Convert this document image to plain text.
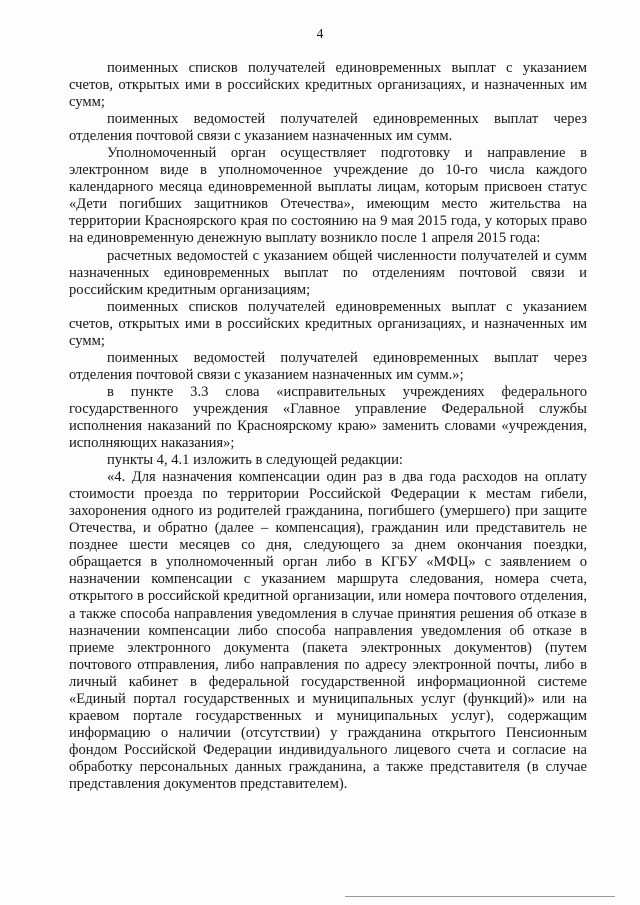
4

поименных списков получателей единовременных выплат с указанием счетов, открытых ими в российских кредитных организациях, и назначенных им сумм;

поименных ведомостей получателей единовременных выплат через отделения почтовой связи с указанием назначенных им сумм.

Уполномоченный орган осуществляет подготовку и направление в электронном виде в уполномоченное учреждение до 10-го числа каждого календарного месяца единовременной выплаты лицам, которым присвоен статус «Дети погибших защитников Отечества», имеющим место жительства на территории Красноярского края по состоянию на 9 мая 2015 года, у которых право на единовременную денежную выплату возникло после 1 апреля 2015 года:

расчетных ведомостей с указанием общей численности получателей и сумм назначенных единовременных выплат по отделениям почтовой связи и российским кредитным организациям;

поименных списков получателей единовременных выплат с указанием счетов, открытых ими в российских кредитных организациях, и назначенных им сумм;

поименных ведомостей получателей единовременных выплат через отделения почтовой связи с указанием назначенных им сумм.»;

в пункте 3.3 слова «исправительных учреждениях федерального государственного учреждения «Главное управление Федеральной службы исполнения наказаний по Красноярскому краю» заменить словами «учреждения, исполняющих наказания»;

пункты 4, 4.1 изложить в следующей редакции:

«4. Для назначения компенсации один раз в два года расходов на оплату стоимости проезда по территории Российской Федерации к местам гибели, захоронения одного из родителей гражданина, погибшего (умершего) при защите Отечества, и обратно (далее – компенсация), гражданин или представитель не позднее шести месяцев со дня, следующего за днем окончания поездки, обращается в уполномоченный орган либо в КГБУ «МФЦ» с заявлением о назначении компенсации с указанием маршрута следования, номера счета, открытого в российской кредитной организации, или номера почтового отделения, а также способа направления уведомления в случае принятия решения об отказе в назначении компенсации либо способа направления уведомления об отказе в приеме электронного документа (пакета электронных документов) (путем почтового отправления, либо направления по адресу электронной почты, либо в личный кабинет в федеральной государственной информационной системе «Единый портал государственных и муниципальных услуг (функций)» или на краевом портале государственных и муниципальных услуг), содержащим информацию о наличии (отсутствии) у гражданина открытого Пенсионным фондом Российской Федерации индивидуального лицевого счета и согласие на обработку персональных данных гражданина, а также представителя (в случае представления документов представителем).
